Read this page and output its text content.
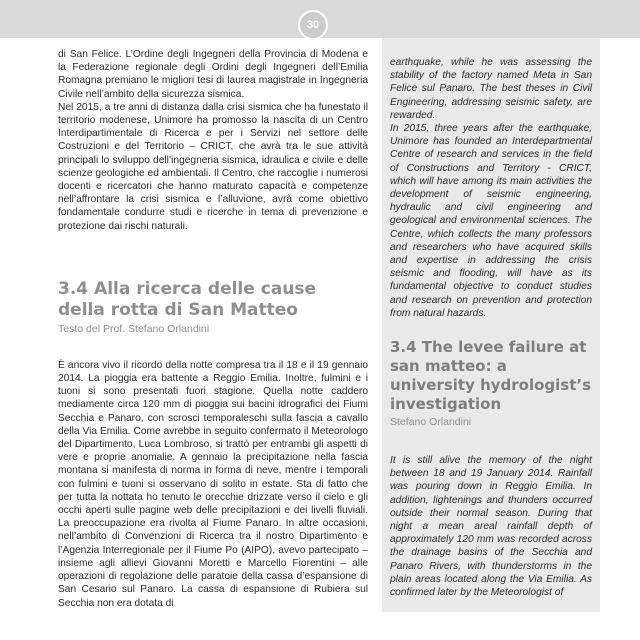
30

di San Felice. L’Ordine degli Ingegneri della Provincia di Modena e la Federazione regionale degli Ordini degli Ingegneri dell’Emilia Romagna premiano le migliori tesi di laurea magistrale in Ingegneria Civile nell’ambito della sicurezza sismica.

Nel 2015, a tre anni di distanza dalla crisi sismica che ha funestato il territorio modenese, Unimore ha promosso la nascita di un Centro Interdipartimentale di Ricerca e per i Servizi nel settore delle Costruzioni e del Territorio – CRICT, che avrà tra le sue attività principali lo sviluppo dell’ingegneria sismica, idraulica e civile e delle scienze geologiche ed ambientali. Il Centro, che raccoglie i numerosi docenti e ricercatori che hanno maturato capacità e competenze nell’affrontare la crisi sismica e l’alluvione, avrà come obiettivo fondamentale condurre studi e ricerche in tema di prevenzione e protezione dai rischi naturali.

3.4 Alla ricerca delle cause della rotta di San Matteo

Testo del Prof. Stefano Orlandini

È ancora vivo il ricordo della notte compresa tra il 18 e il 19 gennaio 2014. La pioggia era battente a Reggio Emilia. Inoltre, fulmini e i tuoni si sono presentati fuori stagione. Quella notte caddero mediamente circa 120 mm di pioggia sui bacini idrografici dei Fiumi Secchia e Panaro, con scrosci temporaleschi sulla fascia a cavallo della Via Emilia. Come avrebbe in seguito confermato il Meteorologo del Dipartimento, Luca Lombroso, si trattò per entrambi gli aspetti di vere e proprie anomalie. A gennaio la precipitazione nella fascia montana si manifesta di norma in forma di neve, mentre i temporali con fulmini e tuoni si osservano di solito in estate. Sta di fatto che per tutta la nottata ho tenuto le orecchie drizzate verso il cielo e gli occhi aperti sulle pagine web delle precipitazioni e dei livelli fluviali. La preoccupazione era rivolta al Fiume Panaro. In altre occasioni, nell’ambito di Convenzioni di Ricerca tra il nostro Dipartimento e l’Agenzia Interregionale per il Fiume Po (AIPO), avevo partecipato – insieme agli allievi Giovanni Moretti e Marcello Fiorentini – alle operazioni di regolazione delle paratoie della cassa d’espansione di San Cesario sul Panaro. La cassa di espansione di Rubiera sul Secchia non era dotata di

earthquake, while he was assessing the stability of the factory named Meta in San Felice sul Panaro. The best theses in Civil Engineering, addressing seismic safety, are rewarded.

In 2015, three years after the earthquake, Unimore has founded an Interdepartmental Centre of research and services in the field of Constructions and Territory - CRICT, which will have among its main activities the development of seismic engineering, hydraulic and civil engineering and geological and environmental sciences. The Centre, which collects the many professors and researchers who have acquired skills and expertise in addressing the crisis seismic and flooding, will have as its fundamental objective to conduct studies and research on prevention and protection from natural hazards.

3.4 The levee failure at san matteo: a university hydrologist’s investigation

Stefano Orlandini

It is still alive the memory of the night between 18 and 19 January 2014. Rainfall was pouring down in Reggio Emilia. In addition, lightenings and thunders occurred outside their normal season. During that night a mean areal rainfall depth of approximately 120 mm was recorded across the drainage basins of the Secchia and Panaro Rivers, with thunderstorms in the plain areas located along the Via Emilia. As confirmed later by the Meteorologist of
